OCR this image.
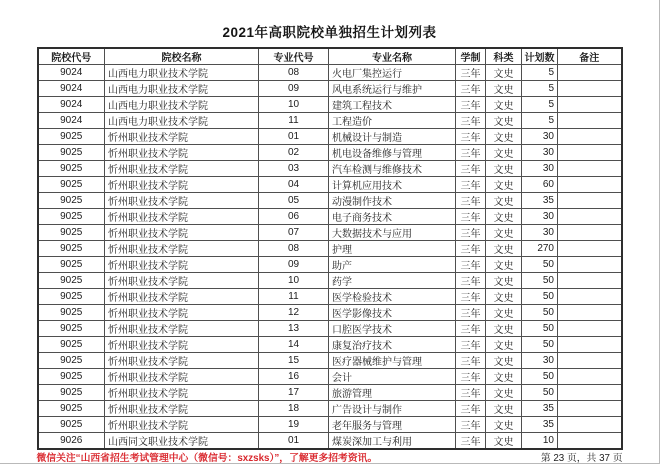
2021年高职院校单独招生计划列表
院校代号	院校名称	专业代号	专业名称	学制	科类	计划数	备注
9024	山西电力职业技术学院	08	火电厂集控运行	三年	文史	5	
9024	山西电力职业技术学院	09	风电系统运行与维护	三年	文史	5	
9024	山西电力职业技术学院	10	建筑工程技术	三年	文史	5	
9024	山西电力职业技术学院	11	工程造价	三年	文史	5	
9025	忻州职业技术学院	01	机械设计与制造	三年	文史	30	
9025	忻州职业技术学院	02	机电设备维修与管理	三年	文史	30	
9025	忻州职业技术学院	03	汽车检测与维修技术	三年	文史	30	
9025	忻州职业技术学院	04	计算机应用技术	三年	文史	60	
9025	忻州职业技术学院	05	动漫制作技术	三年	文史	35	
9025	忻州职业技术学院	06	电子商务技术	三年	文史	30	
9025	忻州职业技术学院	07	大数据技术与应用	三年	文史	30	
9025	忻州职业技术学院	08	护理	三年	文史	270	
9025	忻州职业技术学院	09	助产	三年	文史	50	
9025	忻州职业技术学院	10	药学	三年	文史	50	
9025	忻州职业技术学院	11	医学检验技术	三年	文史	50	
9025	忻州职业技术学院	12	医学影像技术	三年	文史	50	
9025	忻州职业技术学院	13	口腔医学技术	三年	文史	50	
9025	忻州职业技术学院	14	康复治疗技术	三年	文史	50	
9025	忻州职业技术学院	15	医疗器械维护与管理	三年	文史	30	
9025	忻州职业技术学院	16	会计	三年	文史	50	
9025	忻州职业技术学院	17	旅游管理	三年	文史	50	
9025	忻州职业技术学院	18	广告设计与制作	三年	文史	35	
9025	忻州职业技术学院	19	老年服务与管理	三年	文史	35	
9026	山西同文职业技术学院	01	煤炭深加工与利用	三年	文史	10	
微信关注“山西省招生考试管理中心（微信号：sxzsks）”，了解更多招考资讯。	第 23 页，共 37 页
